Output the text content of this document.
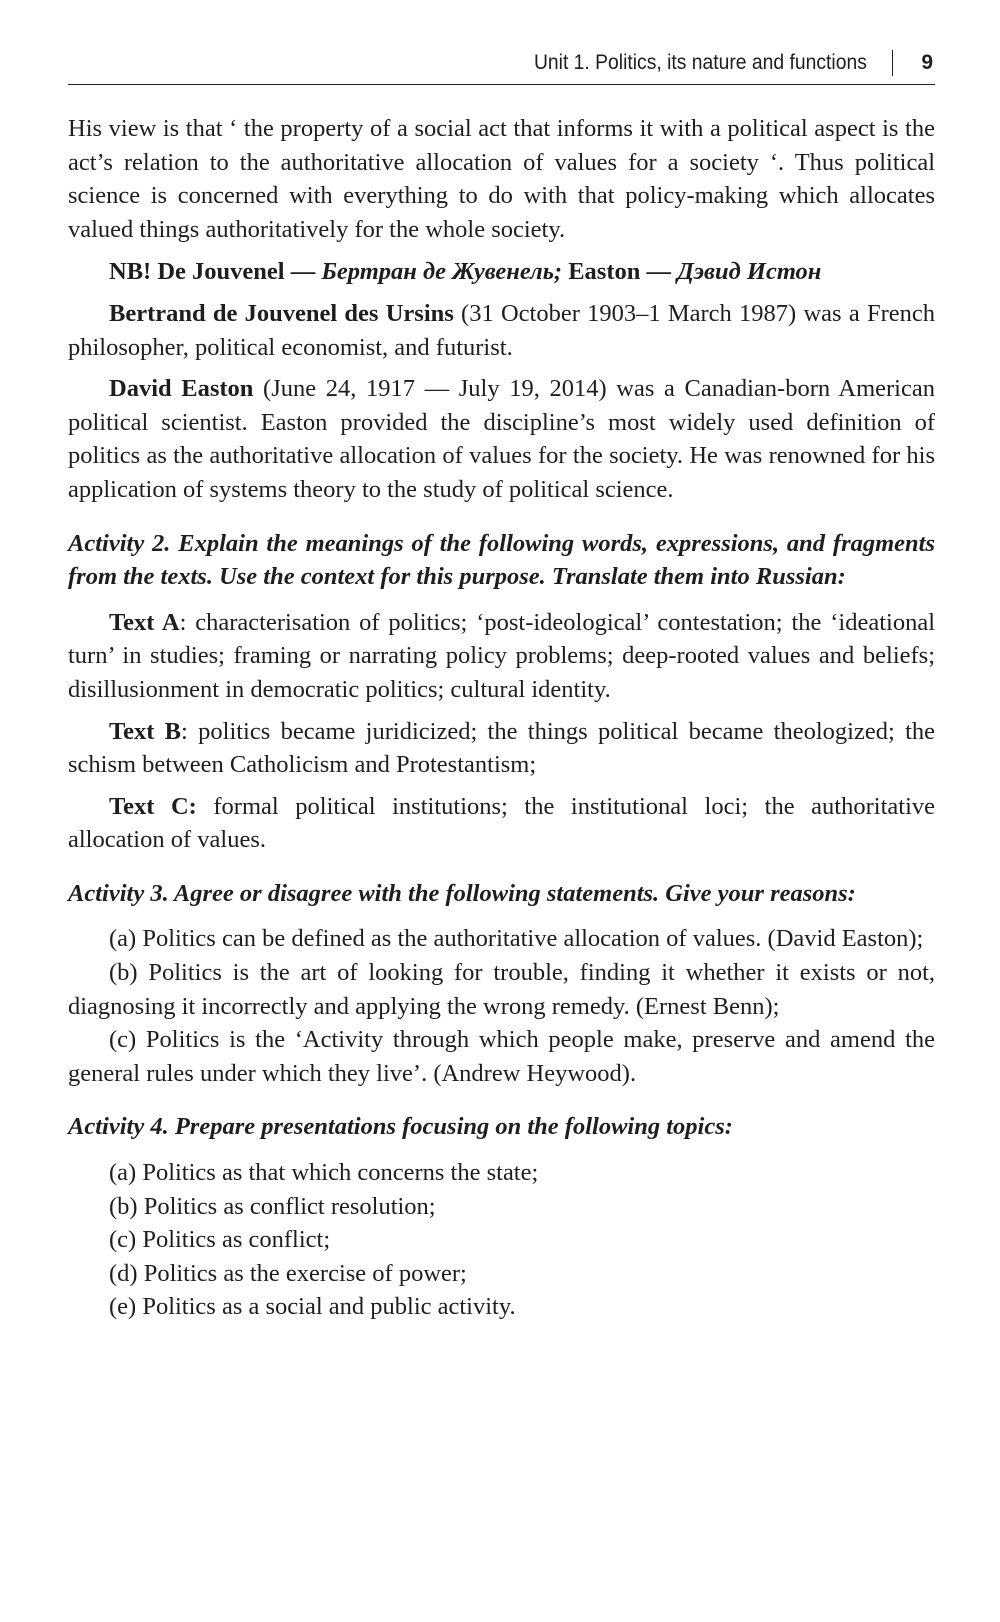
Unit 1. Politics, its nature and functions	9

His view is that ‘ the property of a social act that informs it with a political aspect is the act’s relation to the authoritative allocation of values for a society ‘. Thus political science is concerned with everything to do with that policy-making which allocates valued things authoritatively for the whole society.

NB! De Jouvenel — Бертран де Жувенель; Easton — Дэвид Истон

Bertrand de Jouvenel des Ursins (31 October 1903–1 March 1987) was a French philosopher, political economist, and futurist.

David Easton (June 24, 1917 — July 19, 2014) was a Canadian-born American political scientist. Easton provided the discipline’s most widely used definition of politics as the authoritative allocation of values for the society. He was renowned for his application of systems theory to the study of political science.

Activity 2. Explain the meanings of the following words, expressions, and fragments from the texts. Use the context for this purpose. Translate them into Russian:

Text A: characterisation of politics; ‘post-ideological’ contestation; the ‘ideational turn’ in studies; framing or narrating policy problems; deep-rooted values and beliefs; disillusionment in democratic politics; cultural identity.

Text B: politics became juridicized; the things political became theologized; the schism between Catholicism and Protestantism;

Text C: formal political institutions; the institutional loci; the authoritative allocation of values.

Activity 3. Agree or disagree with the following statements. Give your reasons:

(a) Politics can be defined as the authoritative allocation of values. (David Easton);

(b) Politics is the art of looking for trouble, finding it whether it exists or not, diagnosing it incorrectly and applying the wrong remedy. (Ernest Benn);

(c) Politics is the ‘Activity through which people make, preserve and amend the general rules under which they live’. (Andrew Heywood).

Activity 4. Prepare presentations focusing on the following topics:

(a) Politics as that which concerns the state;
(b) Politics as conflict resolution;
(c) Politics as conflict;
(d) Politics as the exercise of power;
(e) Politics as a social and public activity.
